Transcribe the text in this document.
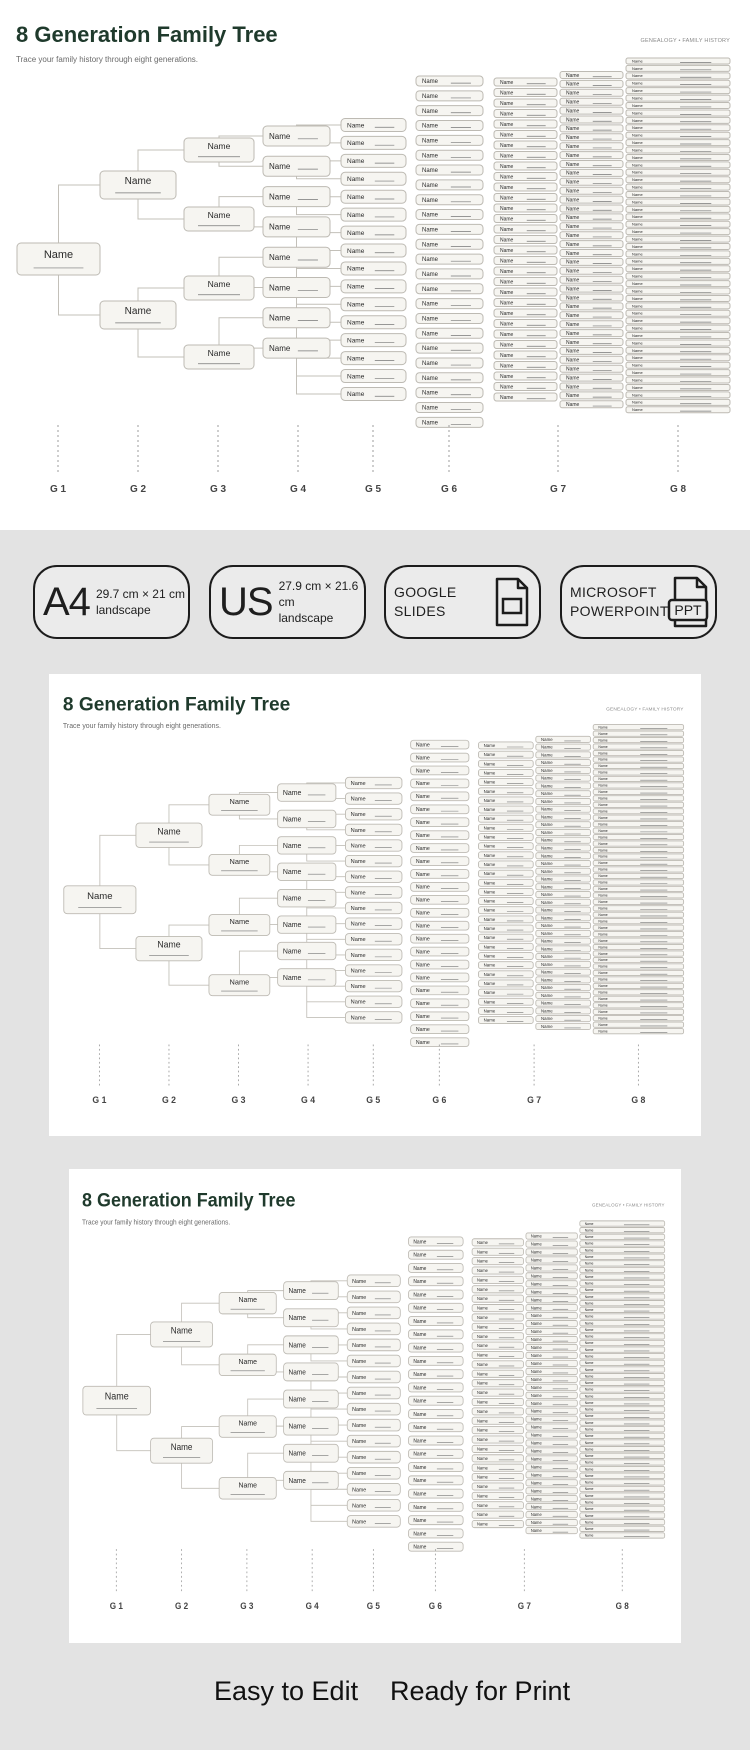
8 Generation Family Tree
Trace your family history through eight generations.
GENEALOGY • FAMILY HISTORY
Name
Name
Name
Name
Name
Name
Name
Name
Name
Name
Name
Name
Name
Name
Name
Name
Name
Name
Name
Name
Name
Name
Name
Name
Name
Name
Name
Name
Name
Name
Name
Name
Name
Name
Name
Name
Name
Name
Name
Name
Name
Name
Name
Name
Name
Name
Name
Name
Name
Name
Name
Name
Name
Name
Name
Name
Name
Name
Name
Name
Name
Name
Name
Name
Name
Name
Name
Name
Name
Name
Name
Name
Name
Name
Name
Name
Name
Name
Name
Name
Name
Name
Name
Name
Name
Name
Name
Name
Name
Name
Name
Name
Name
Name
Name
Name
Name
Name
Name
Name
Name
Name
Name
Name
Name
Name
Name
Name
Name
Name
Name
Name
Name
Name
Name
Name
Name
Name
Name
Name
Name
Name
Name
Name
Name
Name
Name
Name
Name
Name
Name
Name
Name
Name
Name
Name
Name
Name
Name
Name
Name
Name
Name
Name
Name
Name
Name
Name
Name
Name
Name
Name
Name
Name
Name
Name
Name
Name
Name
Name
Name
Name
Name
Name
Name
Name
Name
Name
Name
Name
Name
Name
G 1	G 2	G 3	G 4	G 5	G 6	G 7	G 8
A4 29.7 cm × 21 cm
landscape	US 27.9 cm × 21.6 cm
landscape
GOOGLE
SLIDES
MICROSOFT
POWERPOINT PPT
8 Generation Family Tree
Trace your family history through eight generations.
GENEALOGY • FAMILY HISTORY
Name
Name
Name
Name
Name
Name
Name
Name
Name
Name
Name
Name
Name
Name
Name
Name
Name
Name
Name
Name
Name
Name
Name
Name
Name
Name
Name
Name
Name
Name
Name
Name
Name
Name
Name
Name
Name
Name
Name
Name
Name
Name
Name
Name
Name
Name
Name
Name
Name
Name
Name
Name
Name
Name
Name
Name
Name
Name
Name
Name
Name
Name
Name
Name
Name
Name
Name
Name
Name
Name
Name
Name
Name
Name
Name
Name
Name
Name
Name
Name
Name
Name
Name
Name
Name
Name
Name
Name
Name
Name
Name
Name
Name
Name
Name
Name
Name
Name
Name
Name
Name
Name
Name
Name
Name
Name
Name
Name
Name
Name
Name
Name
Name
Name
Name
Name
Name
Name
Name
Name
Name
Name
Name
Name
Name
Name
Name
Name
Name
Name
Name
Name
Name
Name
Name
Name
Name
Name
Name
Name
Name
Name
Name
Name
Name
Name
Name
Name
Name
Name
Name
Name
Name
Name
Name
Name
Name
Name
Name
Name
Name
Name
Name
Name
Name
Name
Name
Name
Name
Name
Name
Name
G 1	G 2	G 3	G 4	G 5	G 6	G 7	G 8
8 Generation Family Tree
Trace your family history through eight generations.
GENEALOGY • FAMILY HISTORY
Name
Name
Name
Name
Name
Name
Name
Name
Name
Name
Name
Name
Name
Name
Name
Name
Name
Name
Name
Name
Name
Name
Name
Name
Name
Name
Name
Name
Name
Name
Name
Name
Name
Name
Name
Name
Name
Name
Name
Name
Name
Name
Name
Name
Name
Name
Name
Name
Name
Name
Name
Name
Name
Name
Name
Name
Name
Name
Name
Name
Name
Name
Name
Name
Name
Name
Name
Name
Name
Name
Name
Name
Name
Name
Name
Name
Name
Name
Name
Name
Name
Name
Name
Name
Name
Name
Name
Name
Name
Name
Name
Name
Name
Name
Name
Name
Name
Name
Name
Name
Name
Name
Name
Name
Name
Name
Name
Name
Name
Name
Name
Name
Name
Name
Name
Name
Name
Name
Name
Name
Name
Name
Name
Name
Name
Name
Name
Name
Name
Name
Name
Name
Name
Name
Name
Name
Name
Name
Name
Name
Name
Name
Name
Name
Name
Name
Name
Name
Name
Name
Name
Name
Name
Name
Name
Name
Name
Name
Name
Name
Name
Name
Name
Name
Name
Name
Name
Name
Name
Name
Name
Name
G 1	G 2	G 3	G 4	G 5	G 6	G 7	G 8
Easy to Edit Ready for Print
